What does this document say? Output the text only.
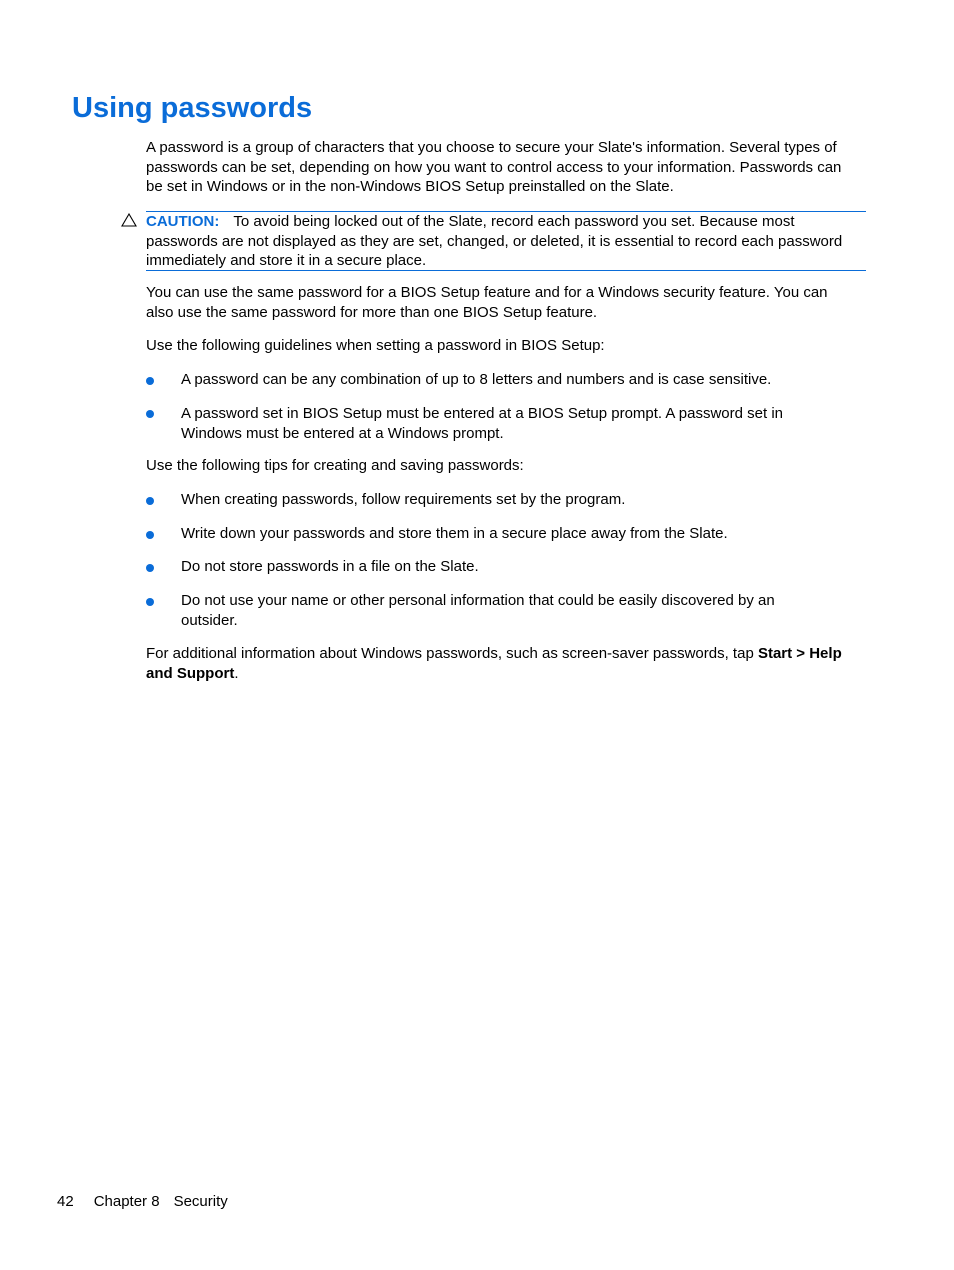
Using passwords

A password is a group of characters that you choose to secure your Slate's information. Several types of passwords can be set, depending on how you want to control access to your information. Passwords can be set in Windows or in the non-Windows BIOS Setup preinstalled on the Slate.

CAUTION: To avoid being locked out of the Slate, record each password you set. Because most passwords are not displayed as they are set, changed, or deleted, it is essential to record each password immediately and store it in a secure place.

You can use the same password for a BIOS Setup feature and for a Windows security feature. You can also use the same password for more than one BIOS Setup feature.

Use the following guidelines when setting a password in BIOS Setup:

A password can be any combination of up to 8 letters and numbers and is case sensitive.

A password set in BIOS Setup must be entered at a BIOS Setup prompt. A password set in Windows must be entered at a Windows prompt.

Use the following tips for creating and saving passwords:

When creating passwords, follow requirements set by the program.

Write down your passwords and store them in a secure place away from the Slate.

Do not store passwords in a file on the Slate.

Do not use your name or other personal information that could be easily discovered by an outsider.

For additional information about Windows passwords, such as screen-saver passwords, tap Start > Help and Support.

42 Chapter 8 Security
